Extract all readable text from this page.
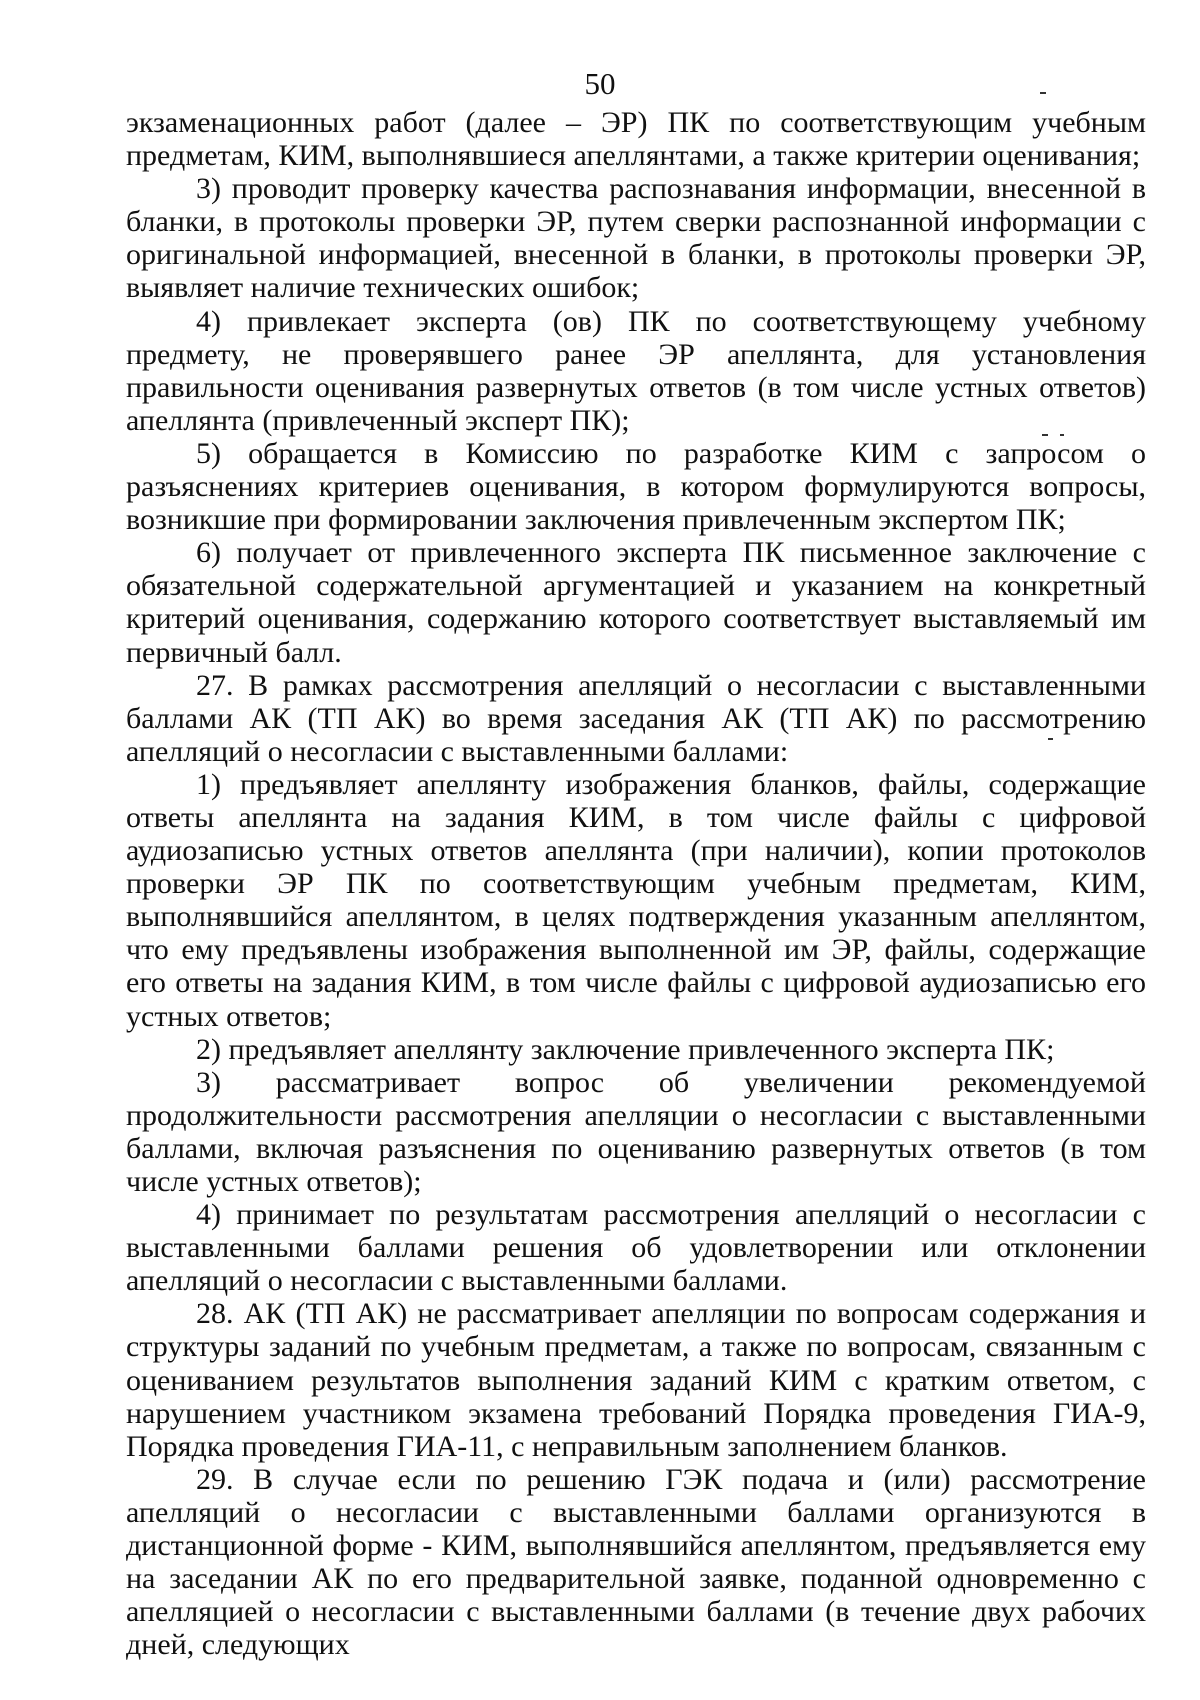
50

экзаменационных работ (далее – ЭР) ПК по соответствующим учебным предметам, КИМ, выполнявшиеся апеллянтами, а также критерии оценивания;

3) проводит проверку качества распознавания информации, внесенной в бланки, в протоколы проверки ЭР, путем сверки распознанной информации с оригинальной информацией, внесенной в бланки, в протоколы проверки ЭР, выявляет наличие технических ошибок;

4) привлекает эксперта (ов) ПК по соответствующему учебному предмету, не проверявшего ранее ЭР апеллянта, для установления правильности оценивания развернутых ответов (в том числе устных ответов) апеллянта (привлеченный эксперт ПК);

5) обращается в Комиссию по разработке КИМ с запросом о разъяснениях критериев оценивания, в котором формулируются вопросы, возникшие при формировании заключения привлеченным экспертом ПК;

6) получает от привлеченного эксперта ПК письменное заключение с обязательной содержательной аргументацией и указанием на конкретный критерий оценивания, содержанию которого соответствует выставляемый им первичный балл.

27. В рамках рассмотрения апелляций о несогласии с выставленными баллами АК (ТП АК) во время заседания АК (ТП АК) по рассмотрению апелляций о несогласии с выставленными баллами:

1) предъявляет апеллянту изображения бланков, файлы, содержащие ответы апеллянта на задания КИМ, в том числе файлы с цифровой аудиозаписью устных ответов апеллянта (при наличии), копии протоколов проверки ЭР ПК по соответствующим учебным предметам, КИМ, выполнявшийся апеллянтом, в целях подтверждения указанным апеллянтом, что ему предъявлены изображения выполненной им ЭР, файлы, содержащие его ответы на задания КИМ, в том числе файлы с цифровой аудиозаписью его устных ответов;

2) предъявляет апеллянту заключение привлеченного эксперта ПК;

3) рассматривает вопрос об увеличении рекомендуемой продолжительности рассмотрения апелляции о несогласии с выставленными баллами, включая разъяснения по оцениванию развернутых ответов (в том числе устных ответов);

4) принимает по результатам рассмотрения апелляций о несогласии с выставленными баллами решения об удовлетворении или отклонении апелляций о несогласии с выставленными баллами.

28. АК (ТП АК) не рассматривает апелляции по вопросам содержания и структуры заданий по учебным предметам, а также по вопросам, связанным с оцениванием результатов выполнения заданий КИМ с кратким ответом, с нарушением участником экзамена требований Порядка проведения ГИА-9, Порядка проведения ГИА-11, с неправильным заполнением бланков.

29. В случае если по решению ГЭК подача и (или) рассмотрение апелляций о несогласии с выставленными баллами организуются в дистанционной форме - КИМ, выполнявшийся апеллянтом, предъявляется ему на заседании АК по его предварительной заявке, поданной одновременно с апелляцией о несогласии с выставленными баллами (в течение двух рабочих дней, следующих
